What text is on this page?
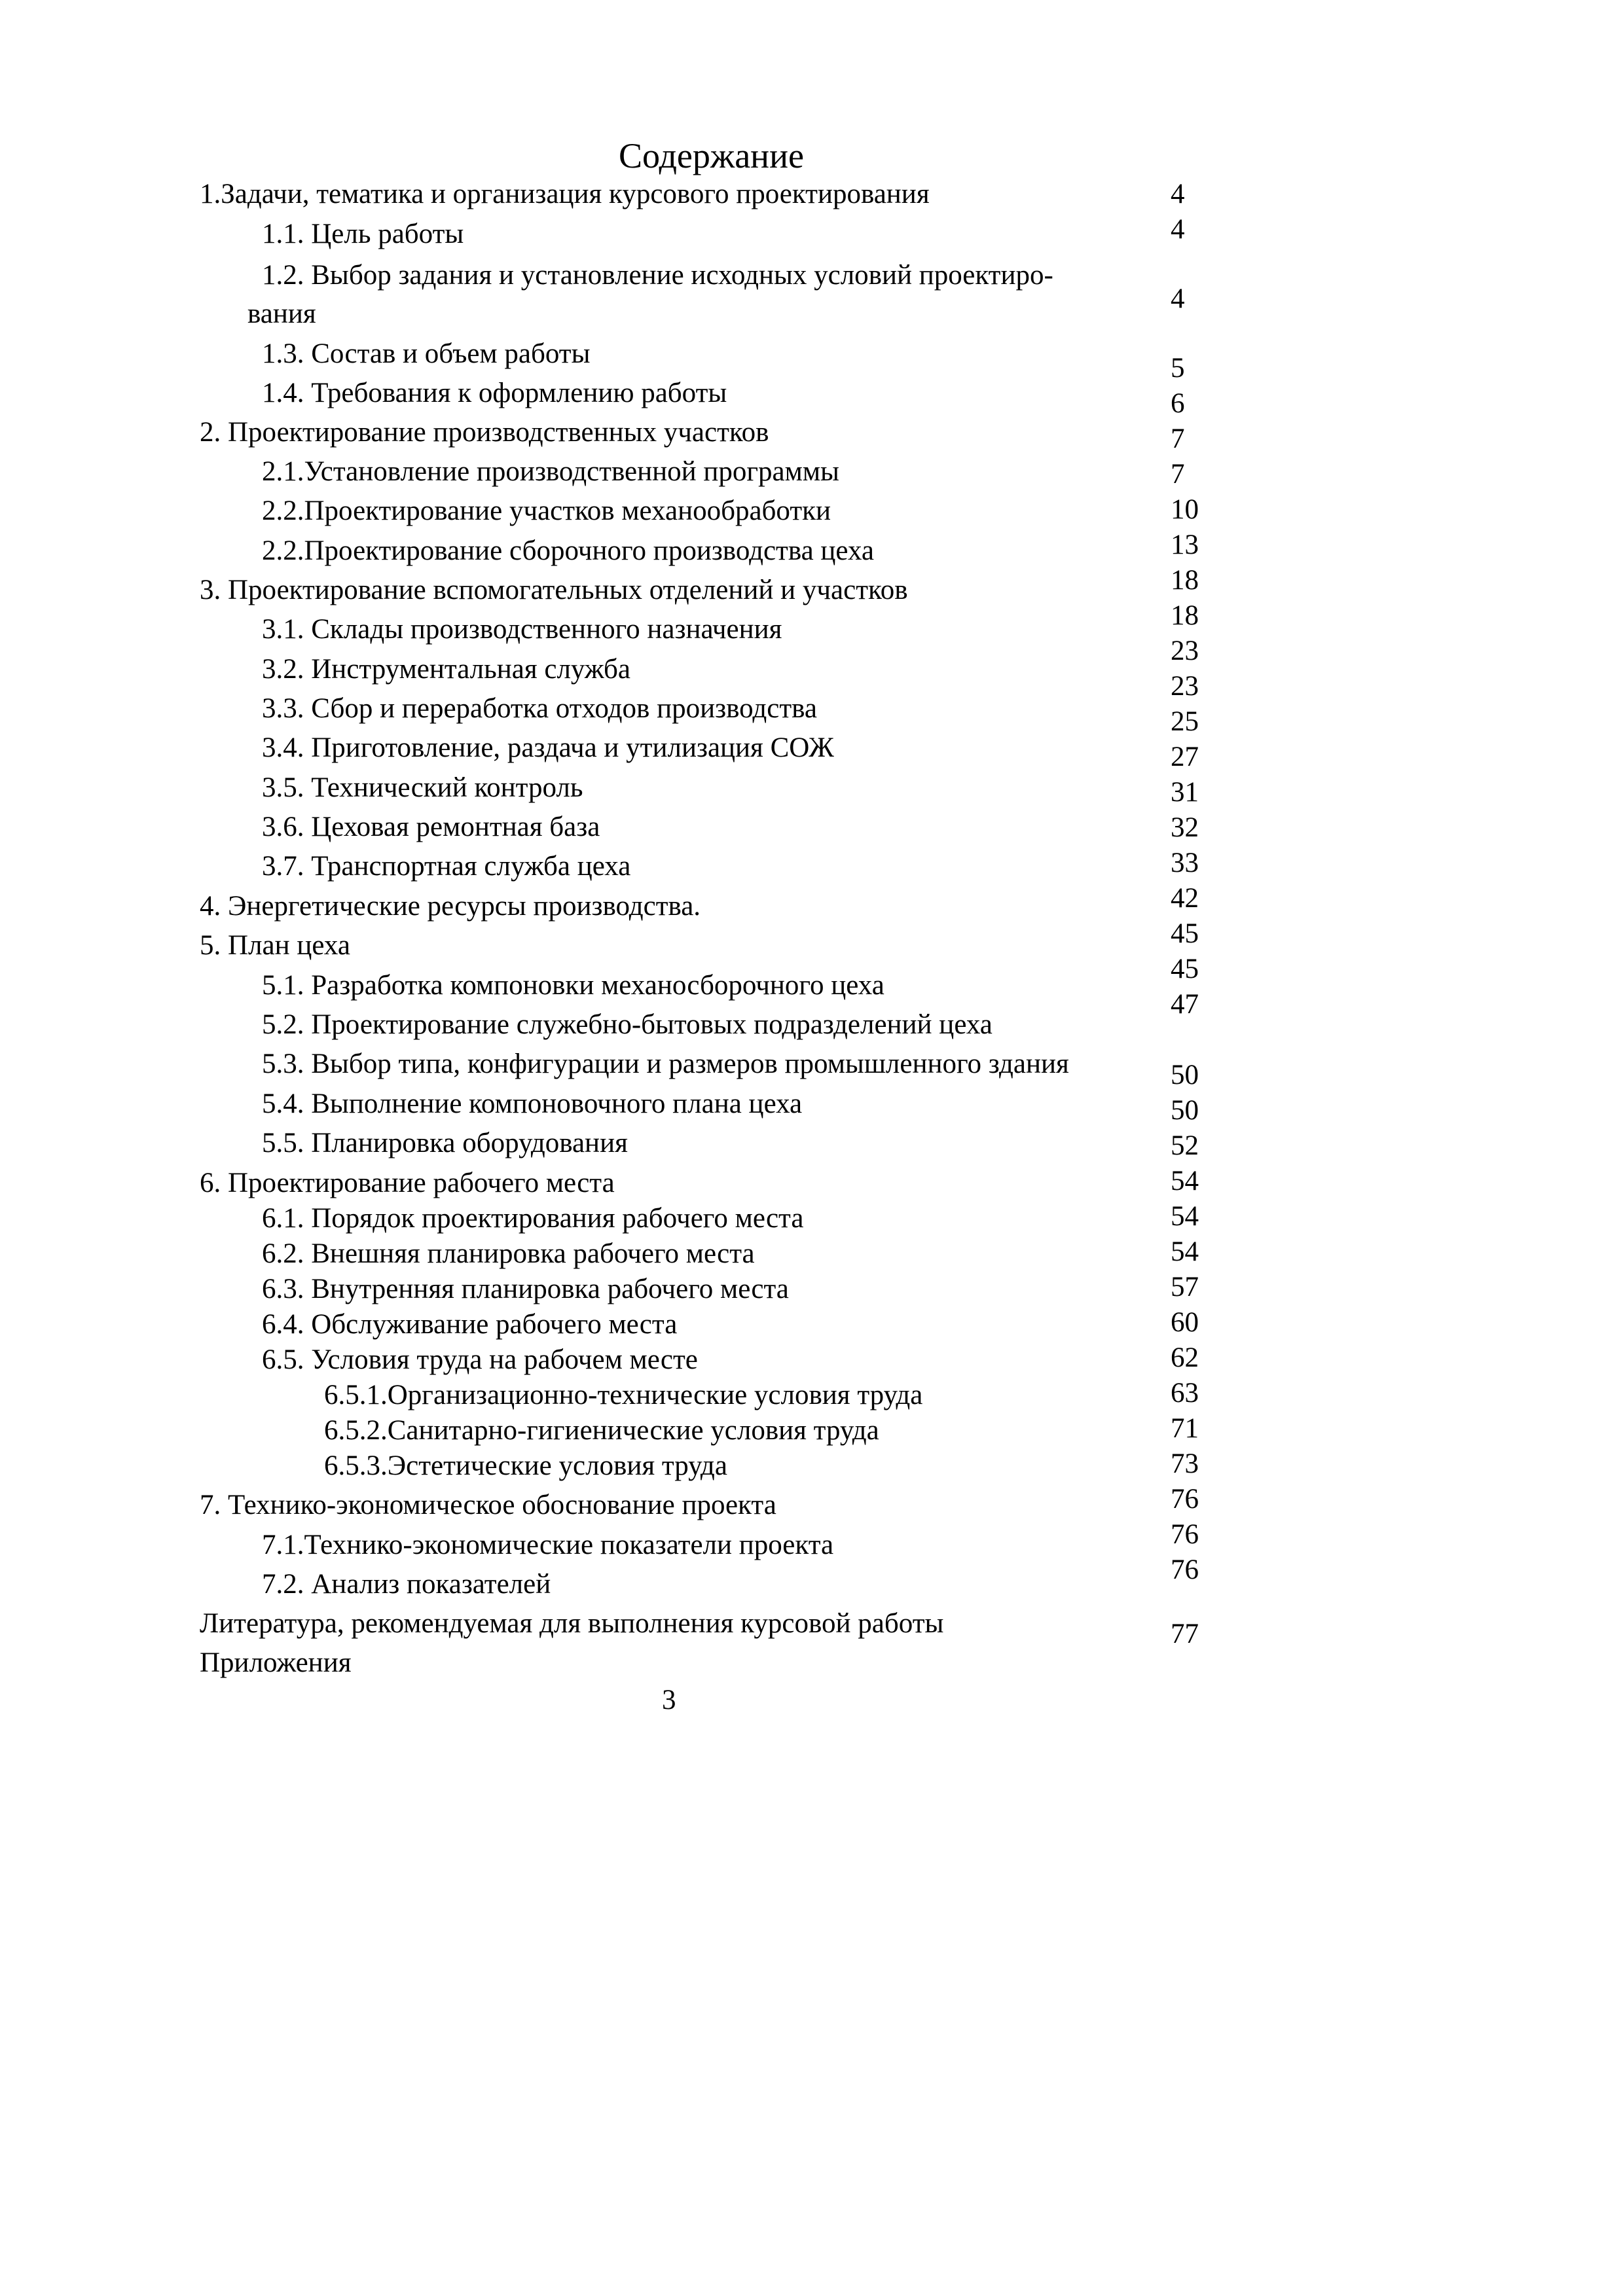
Содержание
1.Задачи, тематика и организация курсового проектирования
1.1. Цель работы
1.2. Выбор задания и установление исходных условий проектиро-
вания
1.3. Состав и объем работы
1.4. Требования к оформлению работы
2. Проектирование производственных участков
2.1.Установление производственной программы
2.2.Проектирование участков механообработки
2.2.Проектирование сборочного производства цеха
3. Проектирование вспомогательных отделений и участков
3.1. Склады производственного назначения
3.2. Инструментальная служба
3.3. Сбор и переработка отходов производства
3.4. Приготовление, раздача и утилизация СОЖ
3.5. Технический контроль
3.6. Цеховая ремонтная база
3.7. Транспортная служба цеха
4. Энергетические ресурсы производства.
5. План цеха
5.1. Разработка компоновки механосборочного цеха
5.2. Проектирование служебно-бытовых подразделений цеха
5.3. Выбор типа, конфигурации и размеров промышленного здания
5.4. Выполнение компоновочного плана цеха
5.5. Планировка оборудования
6. Проектирование рабочего места
6.1. Порядок проектирования рабочего места
6.2. Внешняя планировка рабочего места
6.3. Внутренняя планировка рабочего места
6.4. Обслуживание рабочего места
6.5. Условия труда на рабочем месте
6.5.1.Организационно-технические условия труда
6.5.2.Санитарно-гигиенические условия труда
6.5.3.Эстетические условия труда
7. Технико-экономическое обоснование проекта
7.1.Технико-экономические показатели проекта
7.2. Анализ показателей
Литература, рекомендуемая для выполнения курсовой работы
Приложения
4
4
4
5
6
7
7
10
13
18
18
23
23
25
27
31
32
33
42
45
45
47
50
50
52
54
54
54
57
60
62
63
71
73
76
76
76
77
3
